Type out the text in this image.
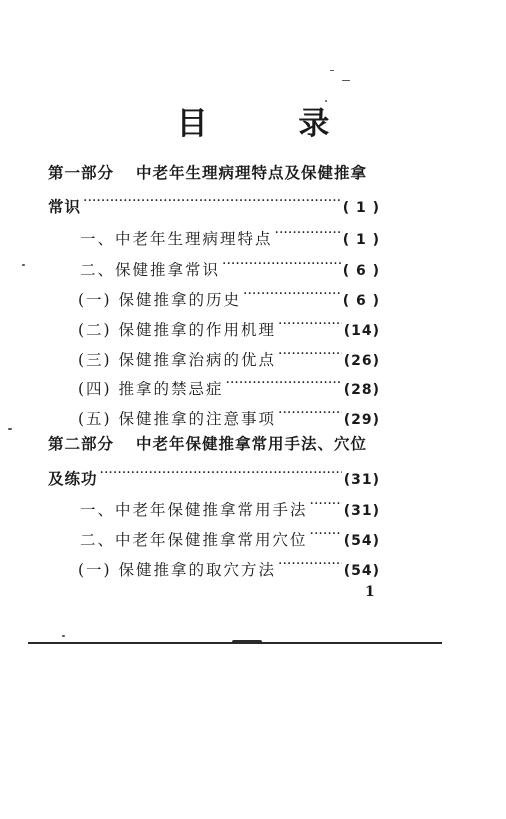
目 录
第一部分 中老年生理病理特点及保健推拿
常识 ·····	( 1 )
一、中老年生理病理特点 ·····	( 1 )
二、保健推拿常识 ·····	( 6 )
(一) 保健推拿的历史 ·····	( 6 )
(二) 保健推拿的作用机理 ·····	(14)
(三) 保健推拿治病的优点 ·····	(26)
(四) 推拿的禁忌症 ·····	(28)
(五) 保健推拿的注意事项 ·····	(29)
第二部分 中老年保健推拿常用手法、穴位
及练功 ·····	(31)
一、中老年保健推拿常用手法 ·····	(31)
二、中老年保健推拿常用穴位 ·····	(54)
(一) 保健推拿的取穴方法 ·····	(54)
1
